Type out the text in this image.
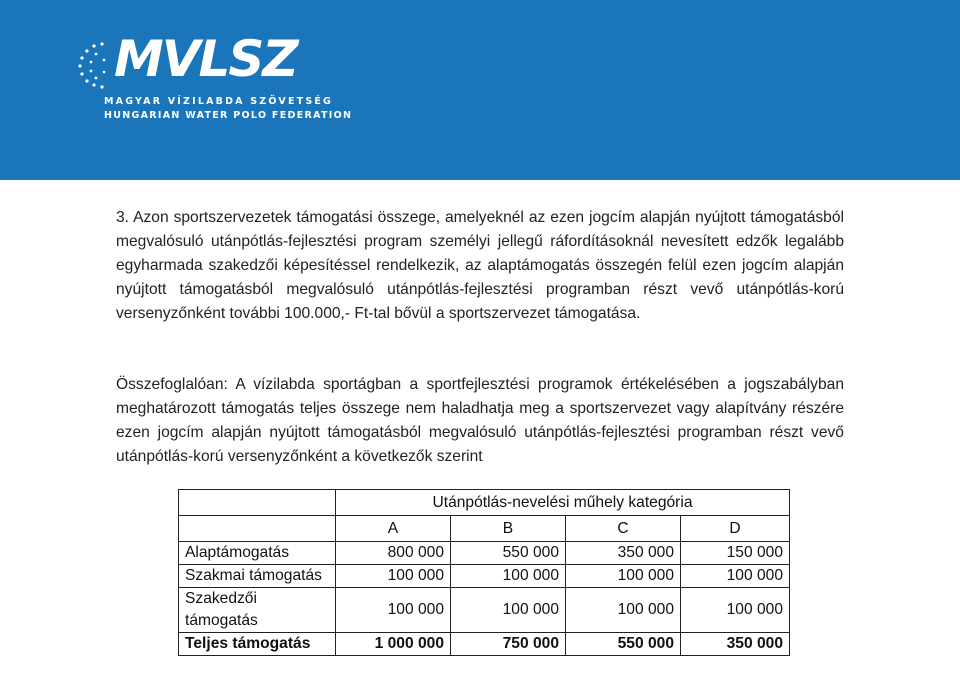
MVLSZ
MAGYAR VÍZILABDA SZÖVETSÉG
HUNGARIAN WATER POLO FEDERATION

3. Azon sportszervezetek támogatási összege, amelyeknél az ezen jogcím alapján nyújtott támogatásból megvalósuló utánpótlás-fejlesztési program személyi jellegű ráfordításoknál nevesített edzők legalább egyharmada szakedzői képesítéssel rendelkezik, az alaptámogatás összegén felül ezen jogcím alapján nyújtott támogatásból megvalósuló utánpótlás-fejlesztési programban részt vevő utánpótlás-korú versenyzőnként további 100.000,- Ft-tal bővül a sportszervezet támogatása.

Összefoglalóan: A vízilabda sportágban a sportfejlesztési programok értékelésében a jogszabályban meghatározott támogatás teljes összege nem haladhatja meg a sportszervezet vagy alapítvány részére ezen jogcím alapján nyújtott támogatásból megvalósuló utánpótlás-fejlesztési programban részt vevő utánpótlás-korú versenyzőnként a következők szerint

	Utánpótlás-nevelési műhely kategória			
	A	B	C	D
Alaptámogatás	800 000	550 000	350 000	150 000
Szakmai támogatás	100 000	100 000	100 000	100 000
Szakedzői támogatás	100 000	100 000	100 000	100 000
Teljes támogatás	1 000 000	750 000	550 000	350 000
